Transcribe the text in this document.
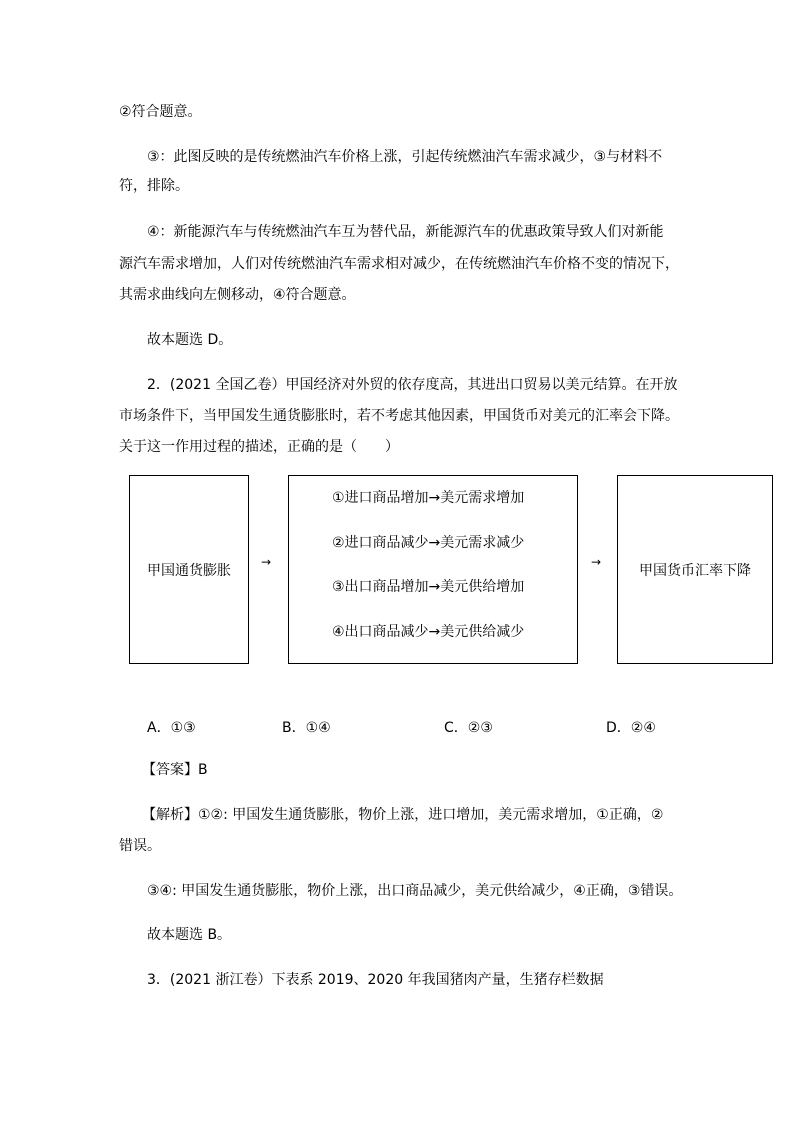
②符合题意。
③：此图反映的是传统燃油汽车价格上涨，引起传统燃油汽车需求减少，③与材料不
符，排除。
④：新能源汽车与传统燃油汽车互为替代品，新能源汽车的优惠政策导致人们对新能
源汽车需求增加，人们对传统燃油汽车需求相对减少，在传统燃油汽车价格不变的情况下，
其需求曲线向左侧移动，④符合题意。
故本题选 D。
2．(2021 全国乙卷）甲国经济对外贸的依存度高，其进出口贸易以美元结算。在开放
市场条件下，当甲国发生通货膨胀时，若不考虑其他因素，甲国货币对美元的汇率会下降。
关于这一作用过程的描述，正确的是（　　）
甲国通货膨胀
→
①进口商品增加→美元需求增加
②进口商品减少→美元需求减少
③出口商品增加→美元供给增加
④出口商品减少→美元供给减少
→
甲国货币汇率下降
A．①③	B．①④	C．②③	D．②④
【答案】B
【解析】①②: 甲国发生通货膨胀，物价上涨，进口增加，美元需求增加，①正确，②
错误。
③④: 甲国发生通货膨胀，物价上涨，出口商品减少，美元供给减少，④正确，③错误。
故本题选 B。
3．(2021 浙江卷）下表系 2019、2020 年我国猪肉产量，生猪存栏数据
